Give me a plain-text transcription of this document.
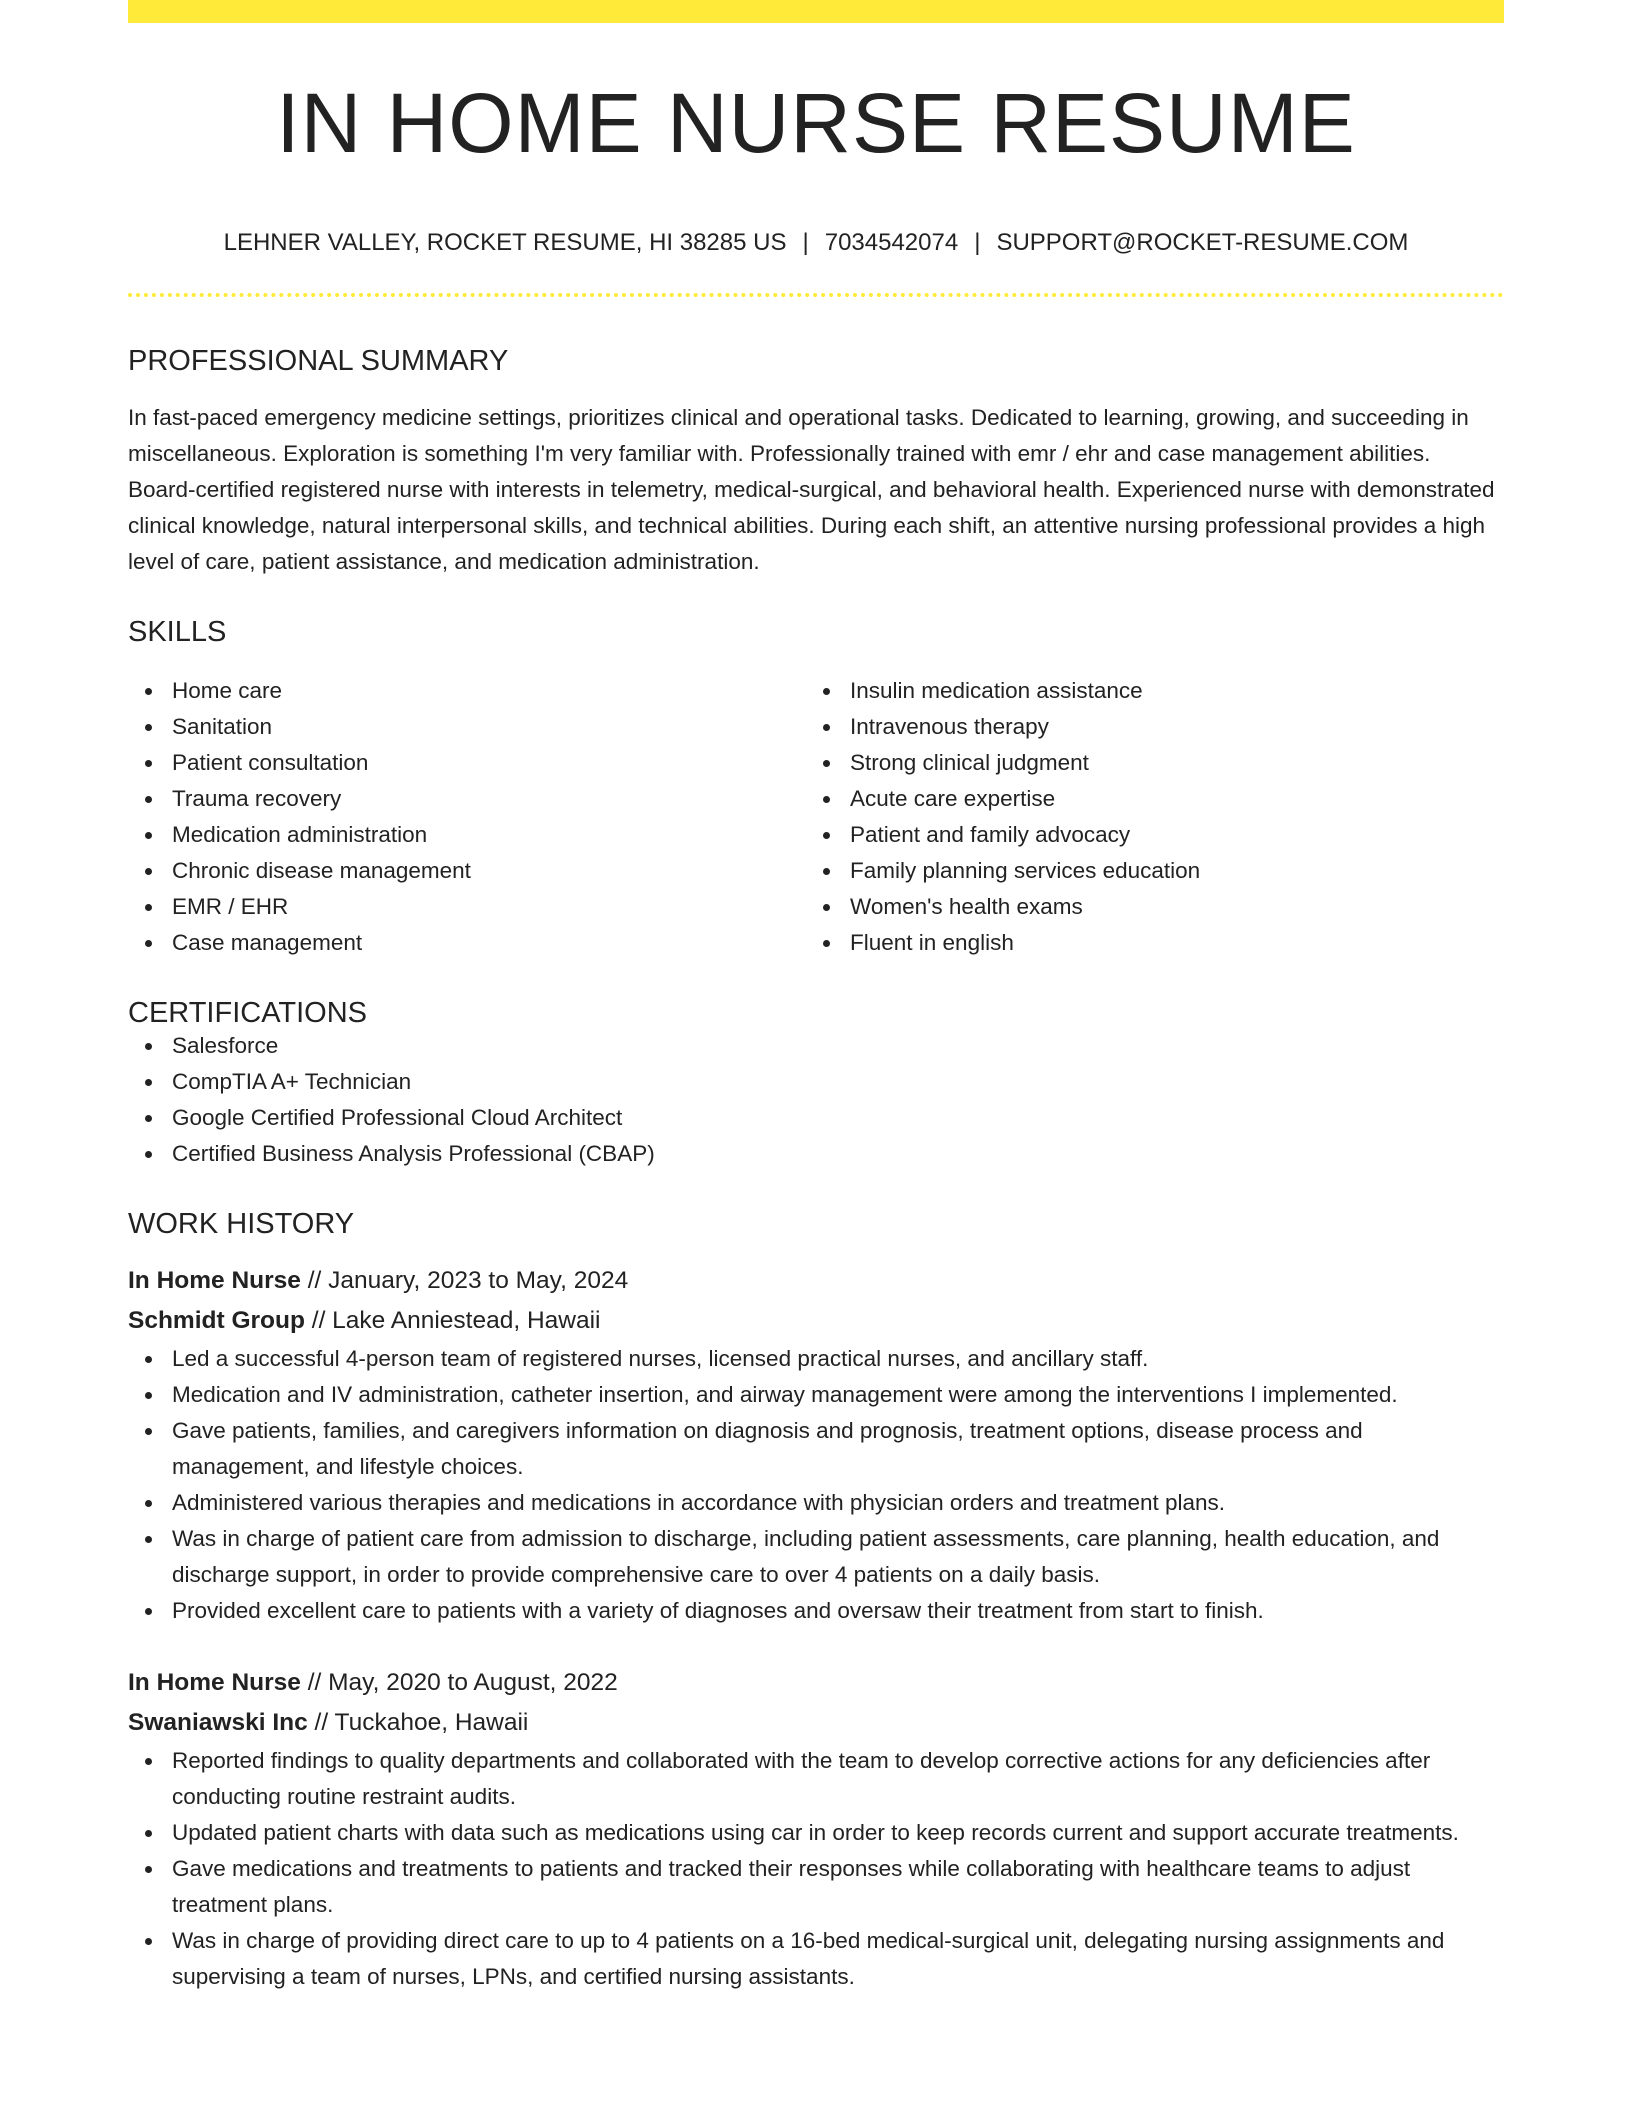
IN HOME NURSE RESUME
LEHNER VALLEY, ROCKET RESUME, HI 38285 US | 7034542074 | SUPPORT@ROCKET-RESUME.COM
PROFESSIONAL SUMMARY

In fast-paced emergency medicine settings, prioritizes clinical and operational tasks. Dedicated to learning, growing, and succeeding in miscellaneous. Exploration is something I'm very familiar with. Professionally trained with emr / ehr and case management abilities. Board-certified registered nurse with interests in telemetry, medical-surgical, and behavioral health. Experienced nurse with demonstrated clinical knowledge, natural interpersonal skills, and technical abilities. During each shift, an attentive nursing professional provides a high level of care, patient assistance, and medication administration.

SKILLS
Home care
Sanitation
Patient consultation
Trauma recovery
Medication administration
Chronic disease management
EMR / EHR
Case management
Insulin medication assistance
Intravenous therapy
Strong clinical judgment
Acute care expertise
Patient and family advocacy
Family planning services education
Women's health exams
Fluent in english
CERTIFICATIONS
Salesforce
CompTIA A+ Technician
Google Certified Professional Cloud Architect
Certified Business Analysis Professional (CBAP)
WORK HISTORY
In Home Nurse // January, 2023 to May, 2024
Schmidt Group // Lake Anniestead, Hawaii
Led a successful 4-person team of registered nurses, licensed practical nurses, and ancillary staff.
Medication and IV administration, catheter insertion, and airway management were among the interventions I implemented.
Gave patients, families, and caregivers information on diagnosis and prognosis, treatment options, disease process and management, and lifestyle choices.
Administered various therapies and medications in accordance with physician orders and treatment plans.
Was in charge of patient care from admission to discharge, including patient assessments, care planning, health education, and discharge support, in order to provide comprehensive care to over 4 patients on a daily basis.
Provided excellent care to patients with a variety of diagnoses and oversaw their treatment from start to finish.
In Home Nurse // May, 2020 to August, 2022
Swaniawski Inc // Tuckahoe, Hawaii
Reported findings to quality departments and collaborated with the team to develop corrective actions for any deficiencies after conducting routine restraint audits.
Updated patient charts with data such as medications using car in order to keep records current and support accurate treatments.
Gave medications and treatments to patients and tracked their responses while collaborating with healthcare teams to adjust treatment plans.
Was in charge of providing direct care to up to 4 patients on a 16-bed medical-surgical unit, delegating nursing assignments and supervising a team of nurses, LPNs, and certified nursing assistants.
